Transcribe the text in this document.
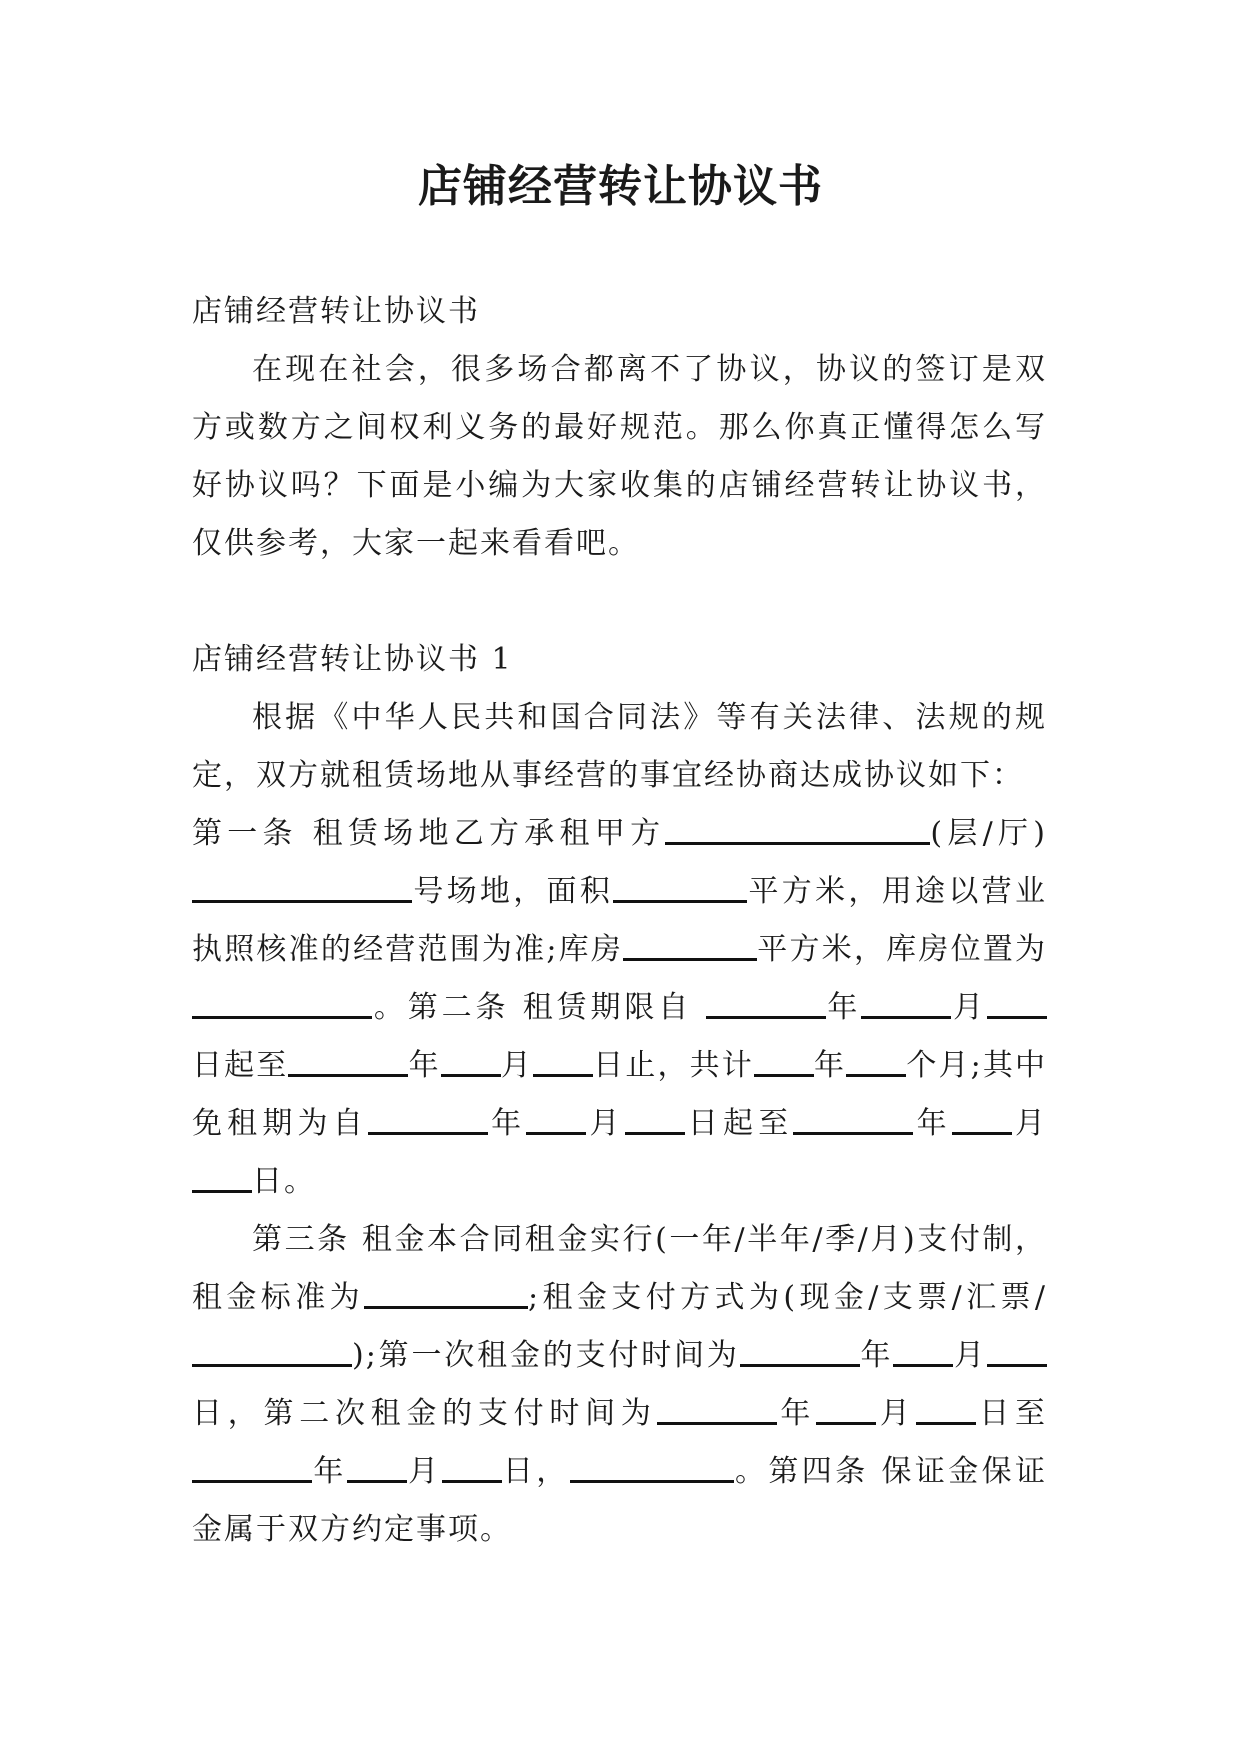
店铺经营转让协议书

店铺经营转让协议书

在现在社会，很多场合都离不了协议，协议的签订是双方或数方之间权利义务的最好规范。那么你真正懂得怎么写好协议吗？下面是小编为大家收集的店铺经营转让协议书，仅供参考，大家一起来看看吧。

店铺经营转让协议书 1

根据《中华人民共和国合同法》等有关法律、法规的规定，双方就租赁场地从事经营的事宜经协商达成协议如下：

第一条 租赁场地乙方承租甲方	(层/厅)号场地，面积	平方米，用途以营业执照核准的经营范围为准;库房	平方米，库房位置为。第二条 租赁期限自	年	月日起至	年 月 日止，共计 年 个月;其中免租期为自	年 月 日起至	年 月日。

第三条 租金本合同租金实行(一年/半年/季/月)支付制，租金标准为	;租金支付方式为(现金/支票/汇票/);第一次租金的支付时间为	年 月日，第二次租金的支付时间为	年 月 日至年 月 日，	。第四条 保证金保证金属于双方约定事项。
